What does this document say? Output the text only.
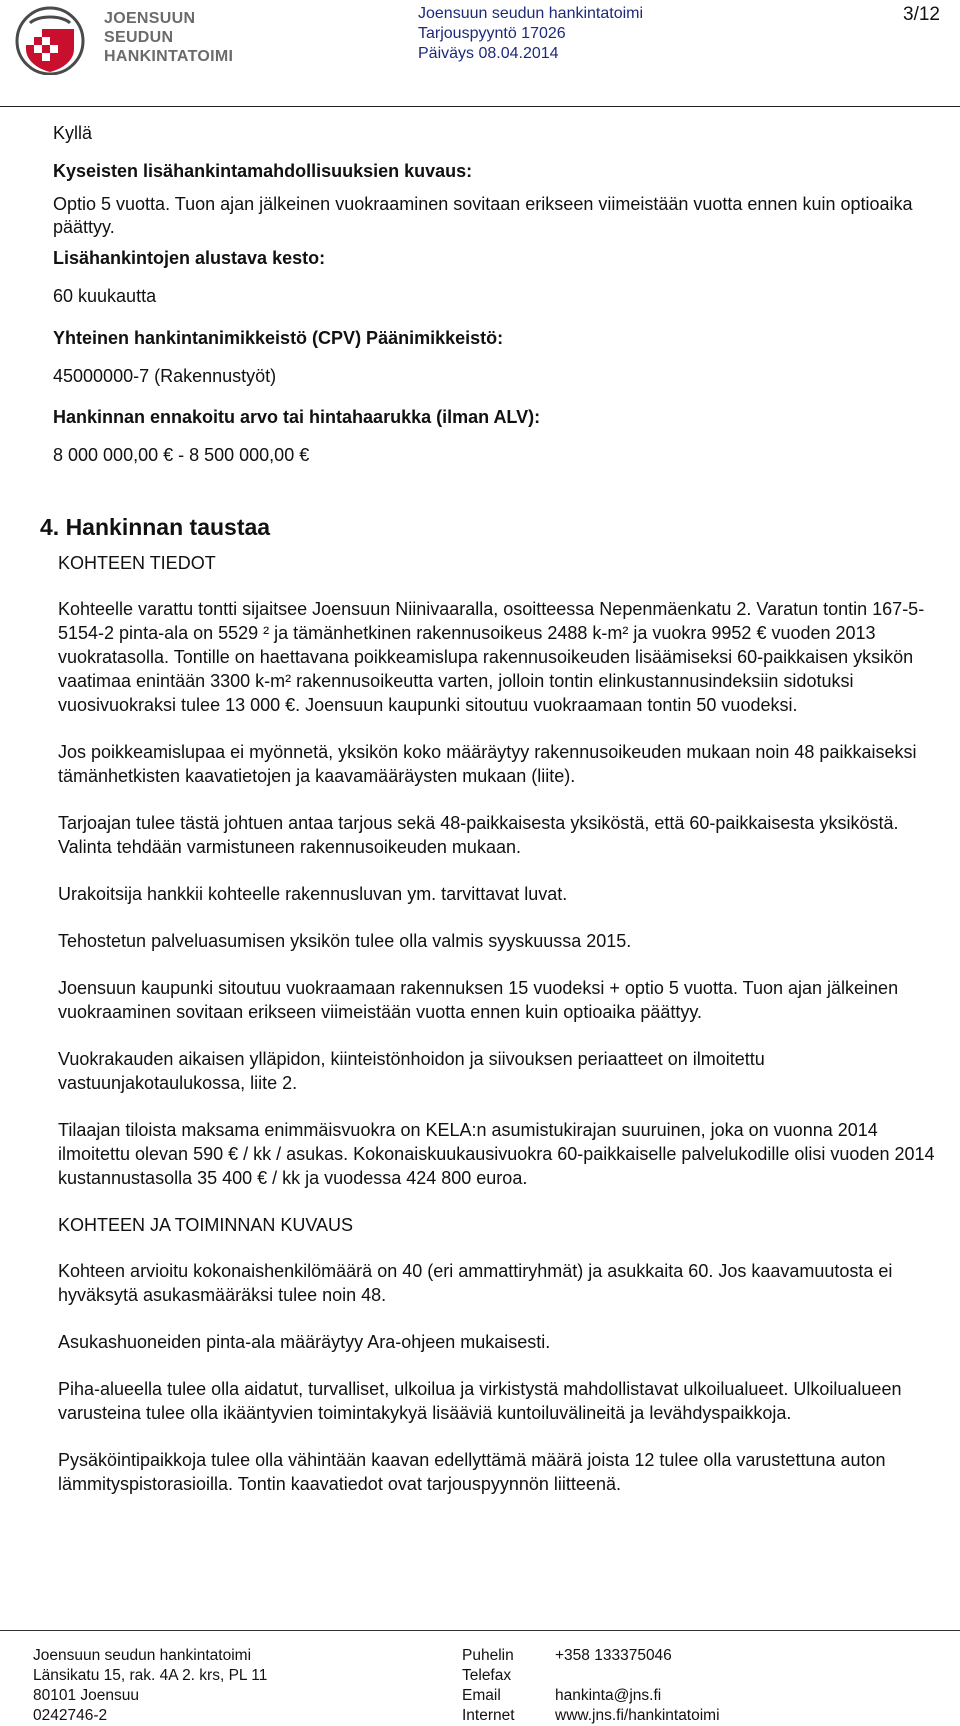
JOENSUUN
SEUDUN
HANKINTATOIMI
Joensuun seudun hankintatoimi
Tarjouspyyntö 17026
Päiväys 08.04.2014
3/12

Kyllä

Kyseisten lisähankintamahdollisuuksien kuvaus:

Optio 5 vuotta. Tuon ajan jälkeinen vuokraaminen sovitaan erikseen viimeistään vuotta ennen kuin optioaika päättyy.

Lisähankintojen alustava kesto:

60 kuukautta

Yhteinen hankintanimikkeistö (CPV) Päänimikkeistö:

45000000-7 (Rakennustyöt)

Hankinnan ennakoitu arvo tai hintahaarukka (ilman ALV):

8 000 000,00 € - 8 500 000,00 €

4. Hankinnan taustaa

KOHTEEN TIEDOT

Kohteelle varattu tontti sijaitsee Joensuun Niinivaaralla, osoitteessa Nepenmäenkatu 2. Varatun tontin 167-5-5154-2 pinta-ala on 5529 ² ja tämänhetkinen rakennusoikeus 2488 k-m² ja vuokra 9952 € vuoden 2013 vuokratasolla. Tontille on haettavana poikkeamislupa rakennusoikeuden lisäämiseksi 60-paikkaisen yksikön vaatimaa enintään 3300 k-m² rakennusoikeutta varten, jolloin tontin elinkustannusindeksiin sidotuksi vuosivuokraksi tulee 13 000 €. Joensuun kaupunki sitoutuu vuokraamaan tontin 50 vuodeksi.

Jos poikkeamislupaa ei myönnetä, yksikön koko määräytyy rakennusoikeuden mukaan noin 48 paikkaiseksi tämänhetkisten kaavatietojen ja kaavamääräysten mukaan (liite).

Tarjoajan tulee tästä johtuen antaa tarjous sekä 48-paikkaisesta yksiköstä, että 60-paikkaisesta yksiköstä. Valinta tehdään varmistuneen rakennusoikeuden mukaan.

Urakoitsija hankkii kohteelle rakennusluvan ym. tarvittavat luvat.

Tehostetun palveluasumisen yksikön tulee olla valmis syyskuussa 2015.

Joensuun kaupunki sitoutuu vuokraamaan rakennuksen 15 vuodeksi + optio 5 vuotta. Tuon ajan jälkeinen vuokraaminen sovitaan erikseen viimeistään vuotta ennen kuin optioaika päättyy.

Vuokrakauden aikaisen ylläpidon, kiinteistönhoidon ja siivouksen periaatteet on ilmoitettu vastuunjakotaulukossa, liite 2.

Tilaajan tiloista maksama enimmäisvuokra on KELA:n asumistukirajan suuruinen, joka on vuonna 2014 ilmoitettu olevan 590 € / kk / asukas. Kokonaiskuukausivuokra 60-paikkaiselle palvelukodille olisi vuoden 2014 kustannustasolla 35 400 € / kk ja vuodessa 424 800 euroa.

KOHTEEN JA TOIMINNAN KUVAUS

Kohteen arvioitu kokonaishenkilömäärä on 40 (eri ammattiryhmät) ja asukkaita 60. Jos kaavamuutosta ei hyväksytä asukasmääräksi tulee noin 48.

Asukashuoneiden pinta-ala määräytyy Ara-ohjeen mukaisesti.

Piha-alueella tulee olla aidatut, turvalliset, ulkoilua ja virkistystä mahdollistavat ulkoilualueet. Ulkoilualueen varusteina tulee olla ikääntyvien toimintakykyä lisääviä kuntoiluvälineitä ja levähdyspaikkoja.

Pysäköintipaikkoja tulee olla vähintään kaavan edellyttämä määrä joista 12 tulee olla varustettuna auton lämmityspistorasioilla. Tontin kaavatiedot ovat tarjouspyynnön liitteenä.

Joensuun seudun hankintatoimi
Länsikatu 15, rak. 4A 2. krs, PL 11
80101 Joensuu
0242746-2
Puhelin
Telefax
Email
Internet
+358 133375046

hankinta@jns.fi
www.jns.fi/hankintatoimi
